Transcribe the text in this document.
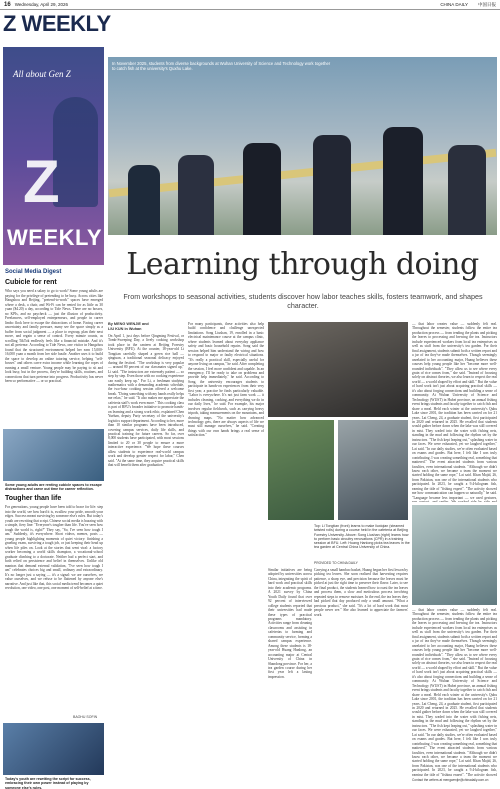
16 Wednesday, April 29, 2026	CHINA DAILY 中国日报
Z WEEKLY
Z
All about Gen Z
WEEKLY
Social Media Digest
Cubicle for rent
Who says you need a salary to go to work? Some young adults are paying for the privilege of pretending to be busy. Across cities like Hangzhou and Beijing, "pretend-to-work" spaces have emerged where a desk, a chair, and Wi-Fi can be rented for as little as 30 yuan ($4.20) a day, according to Tide News. There are no bosses, no KPIs, and no paycheck — just the illusion of productivity. Freelancers, self-employed entrepreneurs, and people in career limbo flock here to escape the distractions of home. Facing career uncertainty and family pressure, many see the space simply as a buffer from social judgment — a place to regroup, plan their next move, and regain a sense of control. Every minute counts, as scrolling TikTok endlessly feels like a financial mistake. And it's not all pretense. According to Tide News, one visitor in Hangzhou found that the structured environment helped her earn 15,000-16,000 yuan a month from her side hustle. Another uses it to build the space to develop an online tutoring service, helping "self-bosses" and others carve extra income while learning the ropes of running a small venture. Young people may be paying to sit and look busy, but in the process, they're building skills, routines, and connections that turn pretense into progress. Productivity has never been so performative — or so practical.
Some young adults are renting cubicle spaces to escape distractions and carve out time for career reflection.
Tougher than life
For generations, young people have been told to brace for life: step into the world, see how hard it is, swallow your pride, smooth your edges. Success meant surviving by someone else's rules. But today's youth are rewriting that script. Chinese social media is buzzing with a simple, fiery line: "Everyone's tougher than life. You've seen how tough the world is, right?" They say, "So, I've seen how tough I am." Suddenly, it's everywhere. Short videos, memes, posts — young people highlighting moments of quiet victory: finishing a grueling exam, surviving a tough job, or just keeping their head up when life piles on. Look at the stories that went viral: a factory worker becoming a world skills champion, a vocational-school graduate climbing to a doctorate. Neither had a perfect start, and both relied on persistence and belief in themselves. Unlike old mantras that demand external validation, "I've seen how tough I am" celebrates choices big and small, ordinary and extraordinary. It's no longer just a saying — it's a signal: we are ourselves, we value ourselves, and we refuse to be flattened by anyone else's narrative. And just like that, this social media trend becomes a quiet revolution, one video, one post, one moment of self-belief at a time.
BAOHU SOFIN
Today's youth are rewriting the script for success, embracing their own power instead of playing by someone else's rules.
In November 2025, students from diverse backgrounds at Wuhan University of Science and Technology work together to catch fish at the university's Quxhu Lake.
Learning through doing
From workshops to seasonal activities, students discover how labor teaches skills, fosters teamwork, and shapes character.
By MENG WENJIE and
LIU KUN in Wuhan
On April 1, just days before Qingming Festival, or Tomb-Sweeping Day, a lively cooking workshop took place in the canteen at Beijing Forestry University (BFU). At the counter, 18-year-old Li Tongtian carefully shaped a green rice ball — qingtuan, a traditional seasonal delicacy enjoyed during the festival. "The workshop is very popular — around 80 percent of our classmates signed up," Li said. "The instructors are extremely patient — so step by step. Even those with no cooking experience can easily keep up." For Li, a freshman studying mathematics with a demanding academic schedule, the two-hour cooking session offered a welcome break. "Doing something with my hands really helps me relax," he said. "It also makes me appreciate the cafeteria staff's work even more." This cooking class is part of BFU's broader initiative to promote hands-on learning and a strong work ethic, explained Chen Yuehan, deputy Party secretary of the university's logistics support department. According to her, more than 10 similar programs have been introduced, covering campus services, daily life skills, and practical training for future careers. So far, over 8,000 students have participated, with most sessions limited to 20 or 30 people to ensure a more interactive experience. "We hope these courses allow students to experience real-world campus work and develop greater respect for labor," Chen said. "At the same time, they acquire practical skills that will benefit them after graduation."
For many participants, these activities also help build confidence and challenge unexpected limitations. Song Liushan, 19, enrolled in a basic electrical maintenance course at the campus clinic, where students learned about everyday appliance safety and basic household repairs. Song said the session helped him understand the wiring and how to respond to major or faulty electrical situations. "It's really a practical skill, especially useful for anyone living on campus," he said. After completing the session, I feel more confident and capable. In an emergency, I'll be ready to take on problems and provide help immediately," he said. According to Song, the university encourages students to participate in hands-on experiences from their very first year, a practice he finds particularly valuable. "Labor is everywhere. It's not just farm work — it includes cleaning, cooking, and everything we do in our daily lives," he said. For example, his major involves regular fieldwork, such as carrying heavy tripods, taking measurements on the mountains, and drawing maps. "No matter how advanced technology gets, there are always aspects of life we must still manage ourselves," he said. "Creating things with our own hands brings a real sense of satisfaction."
Top: Li Tongtian (front) learns to make liuxiqian (steamed twisted rolls) during a course held in the cafeteria at Beijing Forestry University. Above: Song Liushan (right) learns how to perform basic circuitry renovations (CPR) in a training session at BFU. Left: Huang Hanlong picks tea leaves in the tea garden at Central China University of China.
PROVIDED TO CHINA DAILY
Similar initiatives are being adopted by universities across China, integrating the spirit of hard work and practical skills into their academic programs. A 2021 survey by China Youth Daily found that over 92 percent of interviewed college students reported that their universities had made these types of practical programs mandatory. Activities range from cleaning classrooms and assisting in cafeterias to farming and community service, forming a shared campus experience. Among these students is 18-year-old Huang Hanlong, an accounting major at Central University of China in Shandong province. For her, a tea garden course during her first year left a lasting impression.
Carrying a small bamboo basket, Huang began her first lesson by picking tea leaves. She soon realized that harvesting requires patience, a sharp eye, and precision because the leaves must be picked at just the right time to preserve their flavor. Later, to see the final product, the students learned how to roast the tea leaves and process them, a slow and meticulous process involving repeated steps to remove moisture. In the end, the tea leaves they had picked that day produced only a small amount. "What a precious product," she said. "It's a lot of hard work that most people never see." She also learned to appreciate the farmers' work.
— that labor creates value — suddenly felt real. Throughout the semester, students follow the entire tea production process — from tending the plants and picking the leaves to processing and brewing the tea. Instructors include experienced workers from local tea enterprises as well as staff from the university's tea garden. For their final assignment, students submit both a written report and a jar of tea they've made themselves. Though seemingly unrelated to her accounting major, Huang believes these courses help young people like her "become more well-rounded individuals". "They allow us to see where every grain of rice comes from," she said. "Instead of focusing solely on abstract theories, we also learn to respect the real world — a world shaped by effort and skill." But the value of hard work isn't just about acquiring practical skills — it's also about forging connections and building a sense of community. At Wuhan University of Science and Technology (WUST) in Hubei province, an annual fishing event brings students and faculty together to catch fish and share a meal. Held each winter at the university's Quhu Lake since 2001, the tradition has been carried on for 21 years. Lai Cheng, 24, a graduate student, first participated in 2020 and returned in 2025. He recalled that students would gather before dawn when the lake was still covered in mist. They waded into the water with fishing nets, standing in the mud and following the rhythm set by the instructors. "The fish kept leaping out," splashing water in our faces. We were exhausted, yet we laughed together," Lai said. "In our daily studies, we're often evaluated based on exams and grades. But here, I felt like I was truly contributing. I was creating something real, something that mattered." The event attracted students from various faculties, even international students. "Although we didn't know each other, we became a team the moment we started holding the same rope," Lai said. Khan Majid, 26, from Pakistan, was one of the international students who participated. In 2023, he caught a 9.4-kilogram fish, earning the title of "fishing expert". "The activity showed me how communication can happen so naturally," he said. "Language became less important — we used gestures,
— that labor creates value — suddenly felt real. Throughout the semester, students follow the entire tea production process — from tending the plants and picking the leaves to processing and brewing the tea. Instructors include experienced workers from local tea enterprises as well as staff from the university's tea garden. For their final assignment, students submit both a written report and a jar of tea they've made themselves. Though seemingly unrelated to her accounting major, Huang believes these courses help young people like her "become more well-rounded individuals". "They allow us to see where every grain of rice comes from," she said. "Instead of focusing solely on abstract theories, we also learn to respect the real world — a world shaped by effort and skill." But the value of hard work isn't just about acquiring practical skills — it's also about forging connections and building a sense of community. At Wuhan University of Science and Technology (WUST) in Hubei province, an annual fishing event brings students and faculty together to catch fish and share a meal. Held each winter at the university's Quhu Lake since 2001, the tradition has been carried on for 21 years. Lai Cheng, 24, a graduate student, first participated in 2020 and returned in 2025. He recalled that students would gather before dawn when the lake was still covered in mist. They waded into the water with fishing nets, standing in the mud and following the rhythm set by the instructors. "The fish kept leaping out," splashing water in our faces. We were exhausted, yet we laughed together," Lai said. "In our daily studies, we're often evaluated based on exams and grades. But here, I felt like I was truly contributing. I was creating something real, something that mattered." The event attracted students from various faculties, even international students. "Although we didn't know each other, we became a team the moment we started holding the same rope," Lai said. Khan Majid, 26, from Pakistan, was one of the international students who participated. In 2023, he caught a 9.4-kilogram fish, earning the title of "fishing expert". "The activity showed
Contact the writers at mengwenjie@chinadaily.com.cn
